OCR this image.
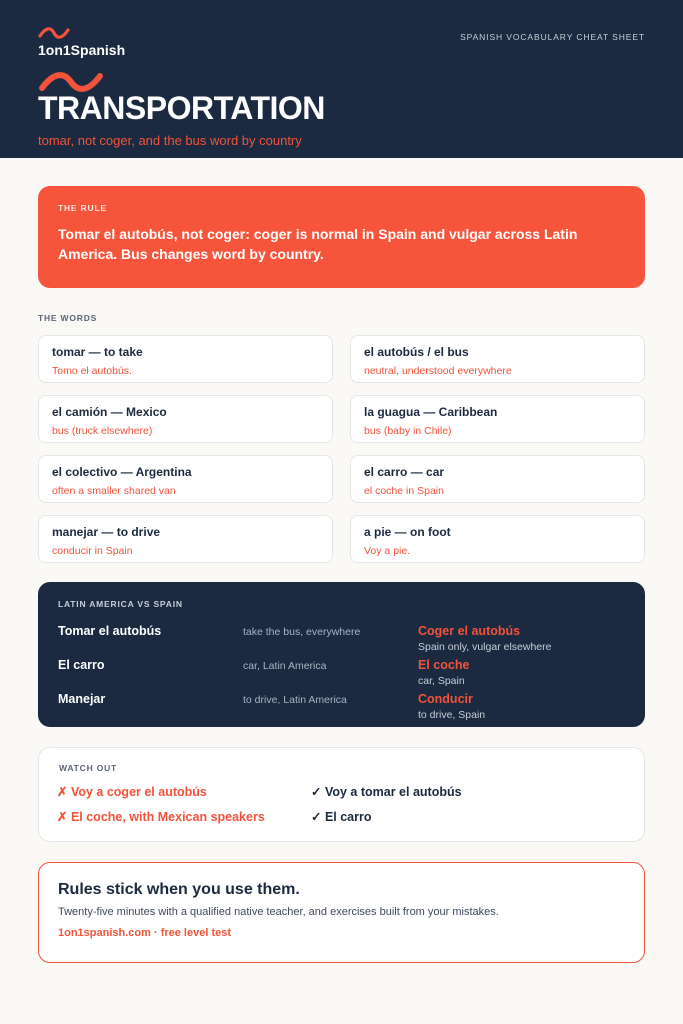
1on1Spanish
SPANISH VOCABULARY CHEAT SHEET
TRANSPORTATION
tomar, not coger, and the bus word by country
THE RULE
Tomar el autobús, not coger: coger is normal in Spain and vulgar across Latin America. Bus changes word by country.
THE WORDS
tomar — to take
Tomo el autobús.
el autobús / el bus
neutral, understood everywhere
el camión — Mexico
bus (truck elsewhere)
la guagua — Caribbean
bus (baby in Chile)
el colectivo — Argentina
often a smaller shared van
el carro — car
el coche in Spain
manejar — to drive
conducir in Spain
a pie — on foot
Voy a pie.
LATIN AMERICA VS SPAIN
Tomar el autobús	take the bus, everywhere	Coger el autobús
Spain only, vulgar elsewhere
El carro	car, Latin America	El coche
car, Spain
Manejar	to drive, Latin America	Conducir
to drive, Spain
WATCH OUT
✗ Voy a coger el autobús	✓ Voy a tomar el autobús
✗ El coche, with Mexican speakers	✓ El carro
Rules stick when you use them.
Twenty-five minutes with a qualified native teacher, and exercises built from your mistakes.
1on1spanish.com · free level test
